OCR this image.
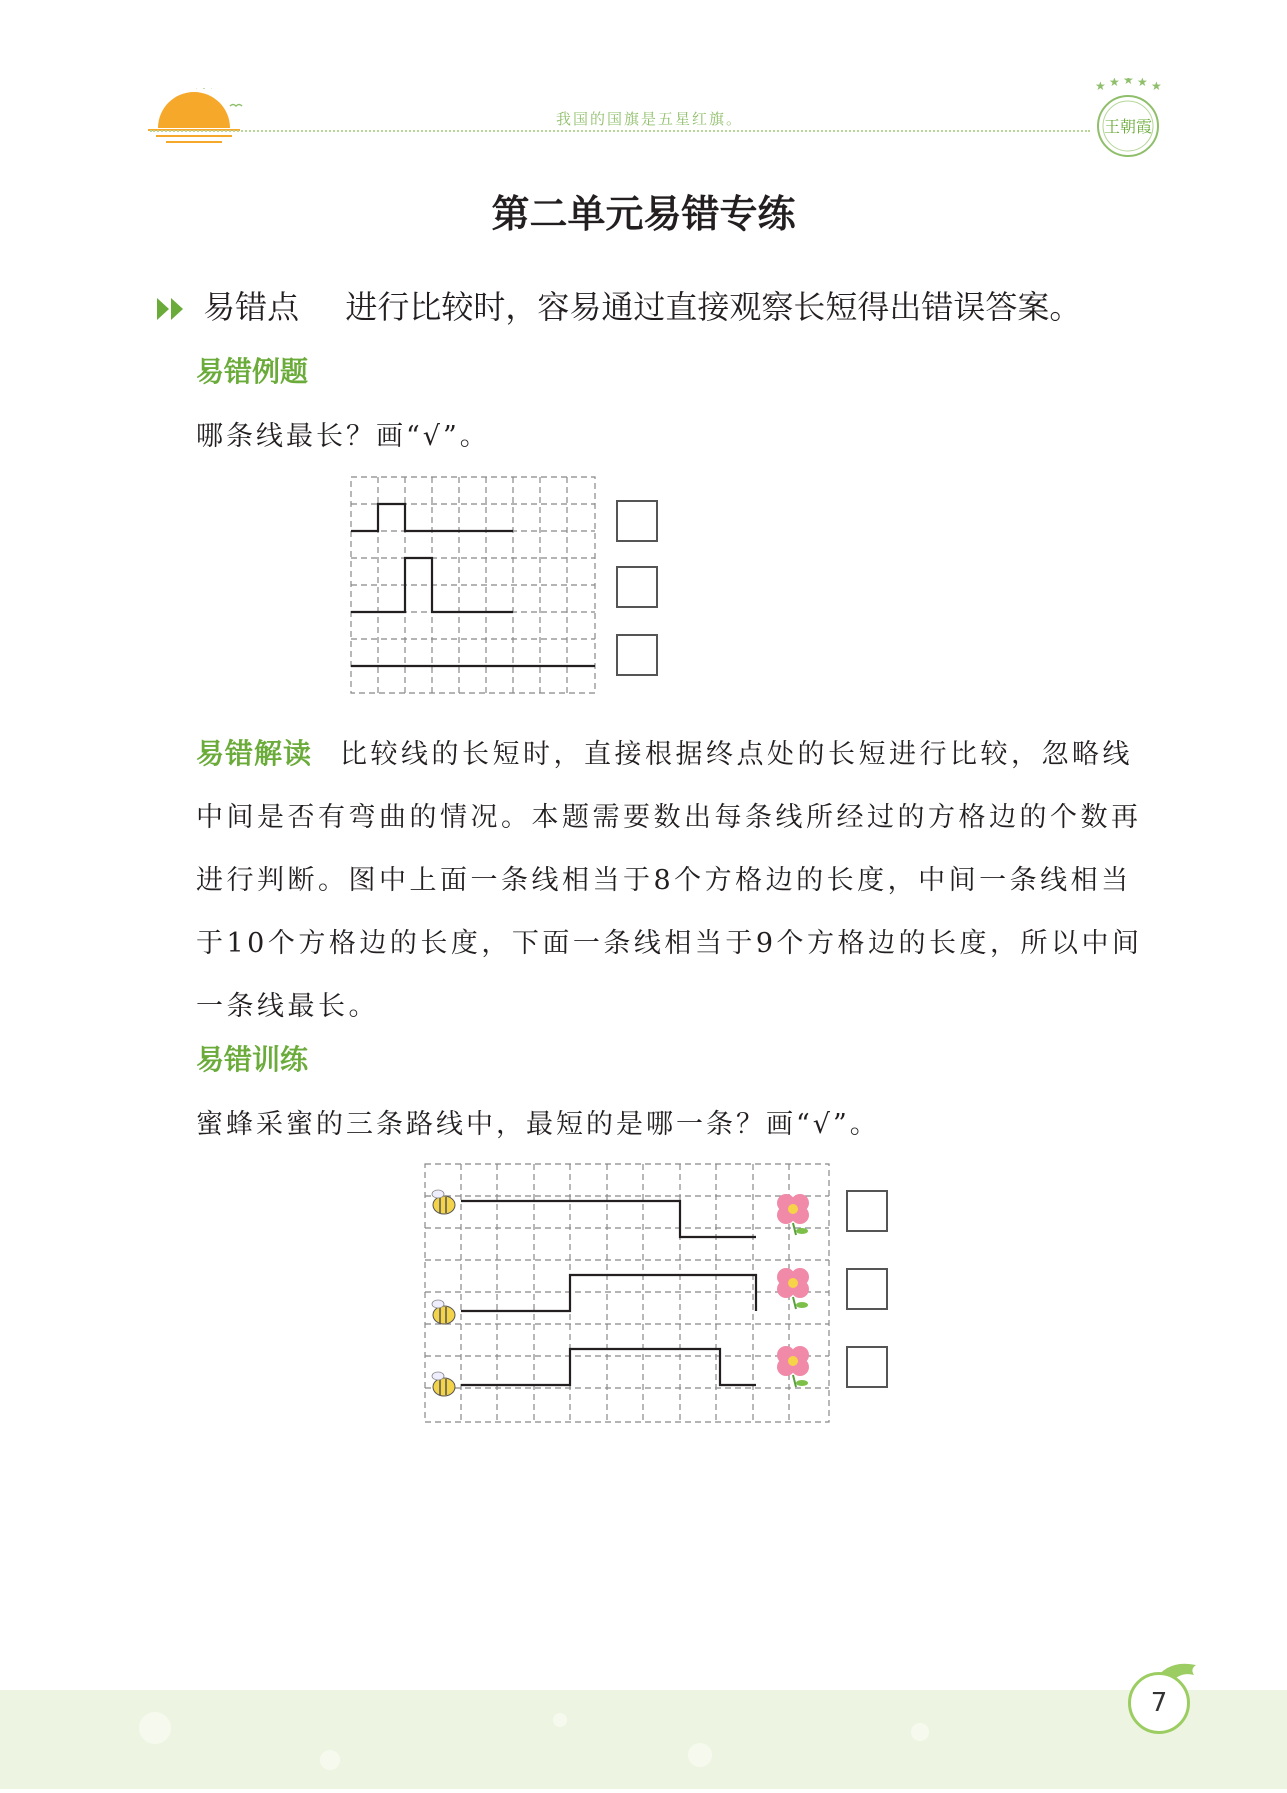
我国的国旗是五星红旗。
★ ★ ★ ★ ★
王朝霞
第二单元易错专练
易错点 进行比较时，容易通过直接观察长短得出错误答案。
易错例题
哪条线最长？画“√”。
易错解读 比较线的长短时，直接根据终点处的长短进行比较，忽略线中间是否有弯曲的情况。本题需要数出每条线所经过的方格边的个数再进行判断。图中上面一条线相当于8个方格边的长度，中间一条线相当于10个方格边的长度，下面一条线相当于9个方格边的长度，所以中间一条线最长。
易错训练
蜜蜂采蜜的三条路线中，最短的是哪一条？画“√”。
7
